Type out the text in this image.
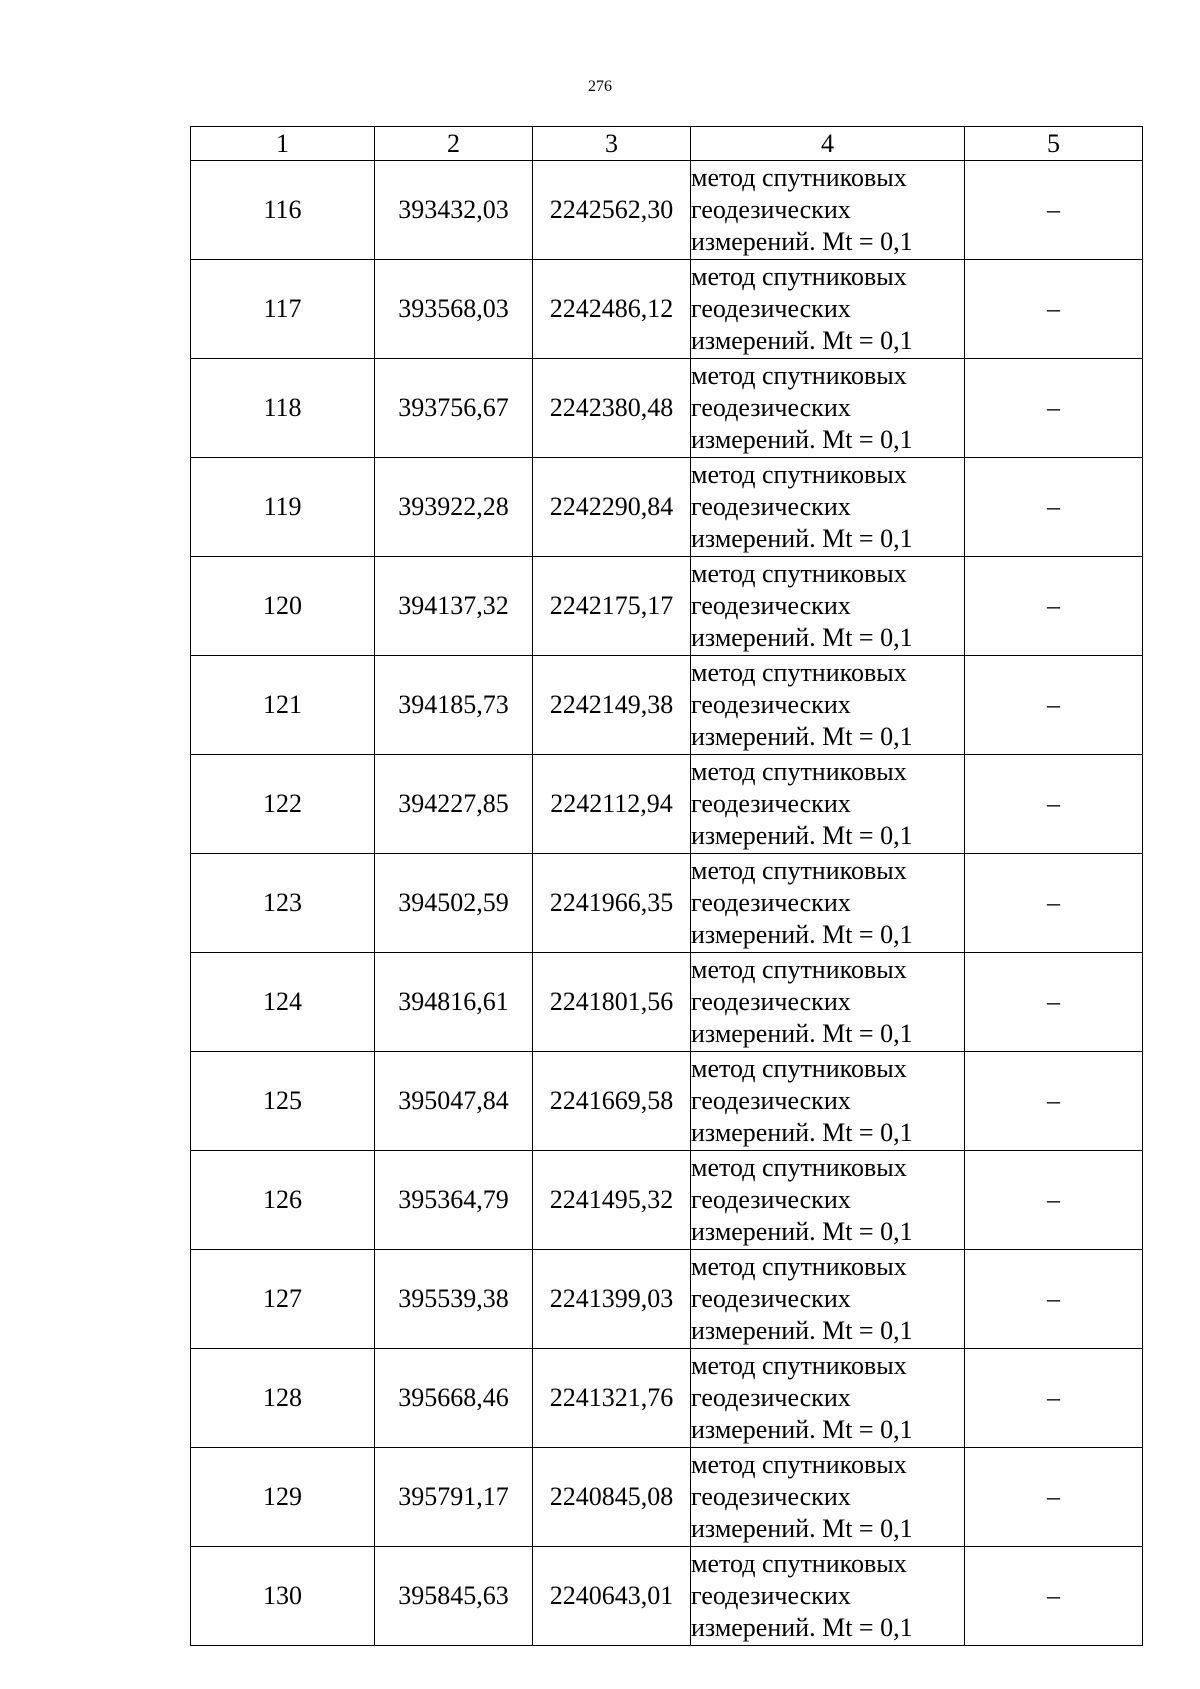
276
1	2	3	4	5
116	393432,03	2242562,30	метод спутниковых
геодезических
измерений. Mt = 0,1	–
117	393568,03	2242486,12	метод спутниковых
геодезических
измерений. Mt = 0,1	–
118	393756,67	2242380,48	метод спутниковых
геодезических
измерений. Mt = 0,1	–
119	393922,28	2242290,84	метод спутниковых
геодезических
измерений. Mt = 0,1	–
120	394137,32	2242175,17	метод спутниковых
геодезических
измерений. Mt = 0,1	–
121	394185,73	2242149,38	метод спутниковых
геодезических
измерений. Mt = 0,1	–
122	394227,85	2242112,94	метод спутниковых
геодезических
измерений. Mt = 0,1	–
123	394502,59	2241966,35	метод спутниковых
геодезических
измерений. Mt = 0,1	–
124	394816,61	2241801,56	метод спутниковых
геодезических
измерений. Mt = 0,1	–
125	395047,84	2241669,58	метод спутниковых
геодезических
измерений. Mt = 0,1	–
126	395364,79	2241495,32	метод спутниковых
геодезических
измерений. Mt = 0,1	–
127	395539,38	2241399,03	метод спутниковых
геодезических
измерений. Mt = 0,1	–
128	395668,46	2241321,76	метод спутниковых
геодезических
измерений. Mt = 0,1	–
129	395791,17	2240845,08	метод спутниковых
геодезических
измерений. Mt = 0,1	–
130	395845,63	2240643,01	метод спутниковых
геодезических
измерений. Mt = 0,1	–
